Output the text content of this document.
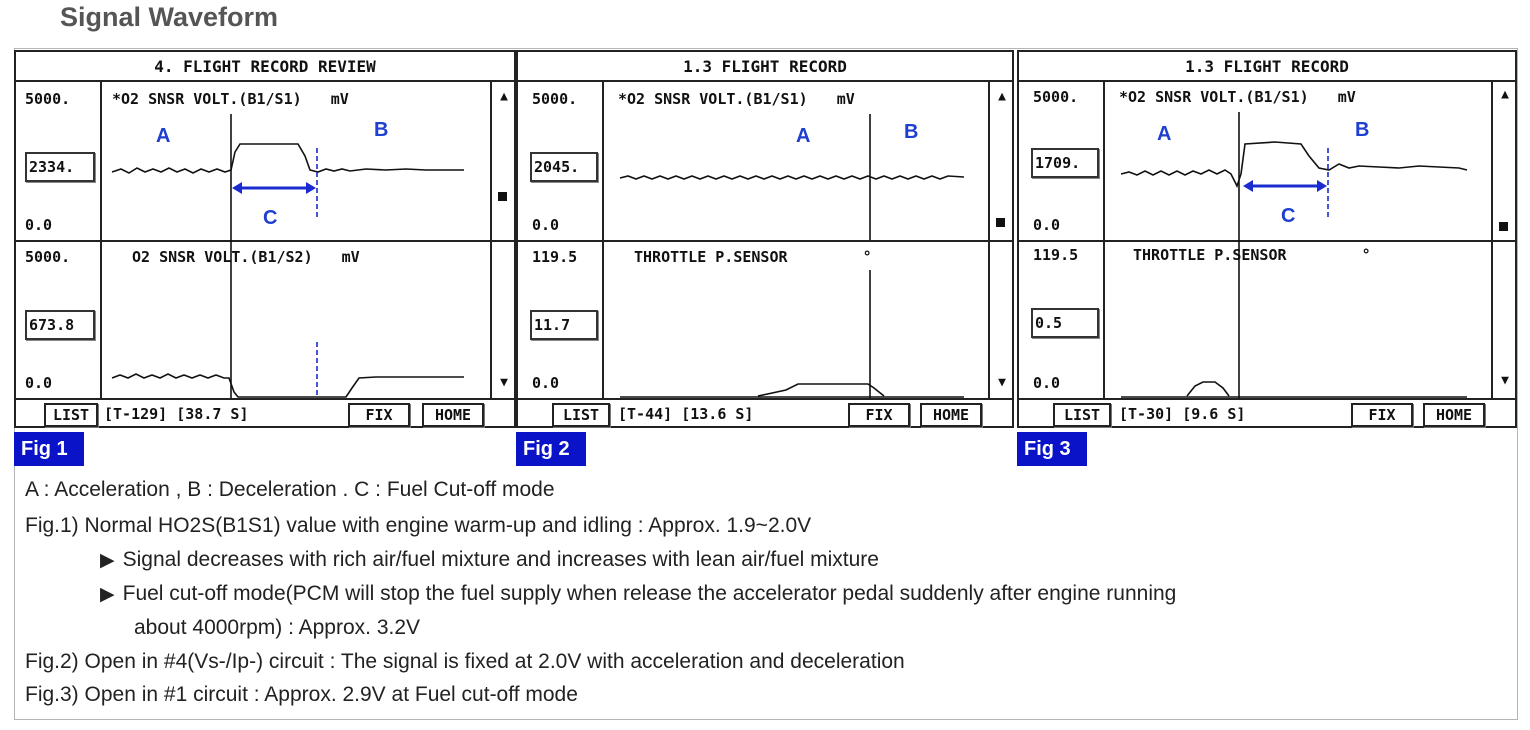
Signal Waveform
4. FLIGHT RECORD REVIEW
5000.
2334.
0.0
*O2 SNSR VOLT.(B1/S1) mV
5000.
673.8
0.0
O2 SNSR VOLT.(B1/S2) mV
▲
▼
A	B
C
LIST [T-129] [38.7 S]	FIX	HOME
1.3 FLIGHT RECORD
5000.
2045.
0.0
*O2 SNSR VOLT.(B1/S1) mV
119.5
11.7
0.0
THROTTLE P.SENSOR	°
▲
▼
A	B
LIST	[T-44] [13.6 S]	FIX	HOME
1.3 FLIGHT RECORD
5000.
1709.
0.0
*O2 SNSR VOLT.(B1/S1) mV
119.5
0.5
0.0
THROTTLE P.SENSOR	°
▲
▼
A	B
C
LIST	[T-30] [9.6 S]	FIX	HOME
Fig 1	Fig 2	Fig 3
A : Acceleration , B : Deceleration . C : Fuel Cut-off mode
Fig.1) Normal HO2S(B1S1) value with engine warm-up and idling : Approx. 1.9~2.0V
▶ Signal decreases with rich air/fuel mixture and increases with lean air/fuel mixture
▶ Fuel cut-off mode(PCM will stop the fuel supply when release the accelerator pedal suddenly after engine running
about 4000rpm) : Approx. 3.2V
Fig.2) Open in #4(Vs-/Ip-) circuit : The signal is fixed at 2.0V with acceleration and deceleration
Fig.3) Open in #1 circuit : Approx. 2.9V at Fuel cut-off mode
